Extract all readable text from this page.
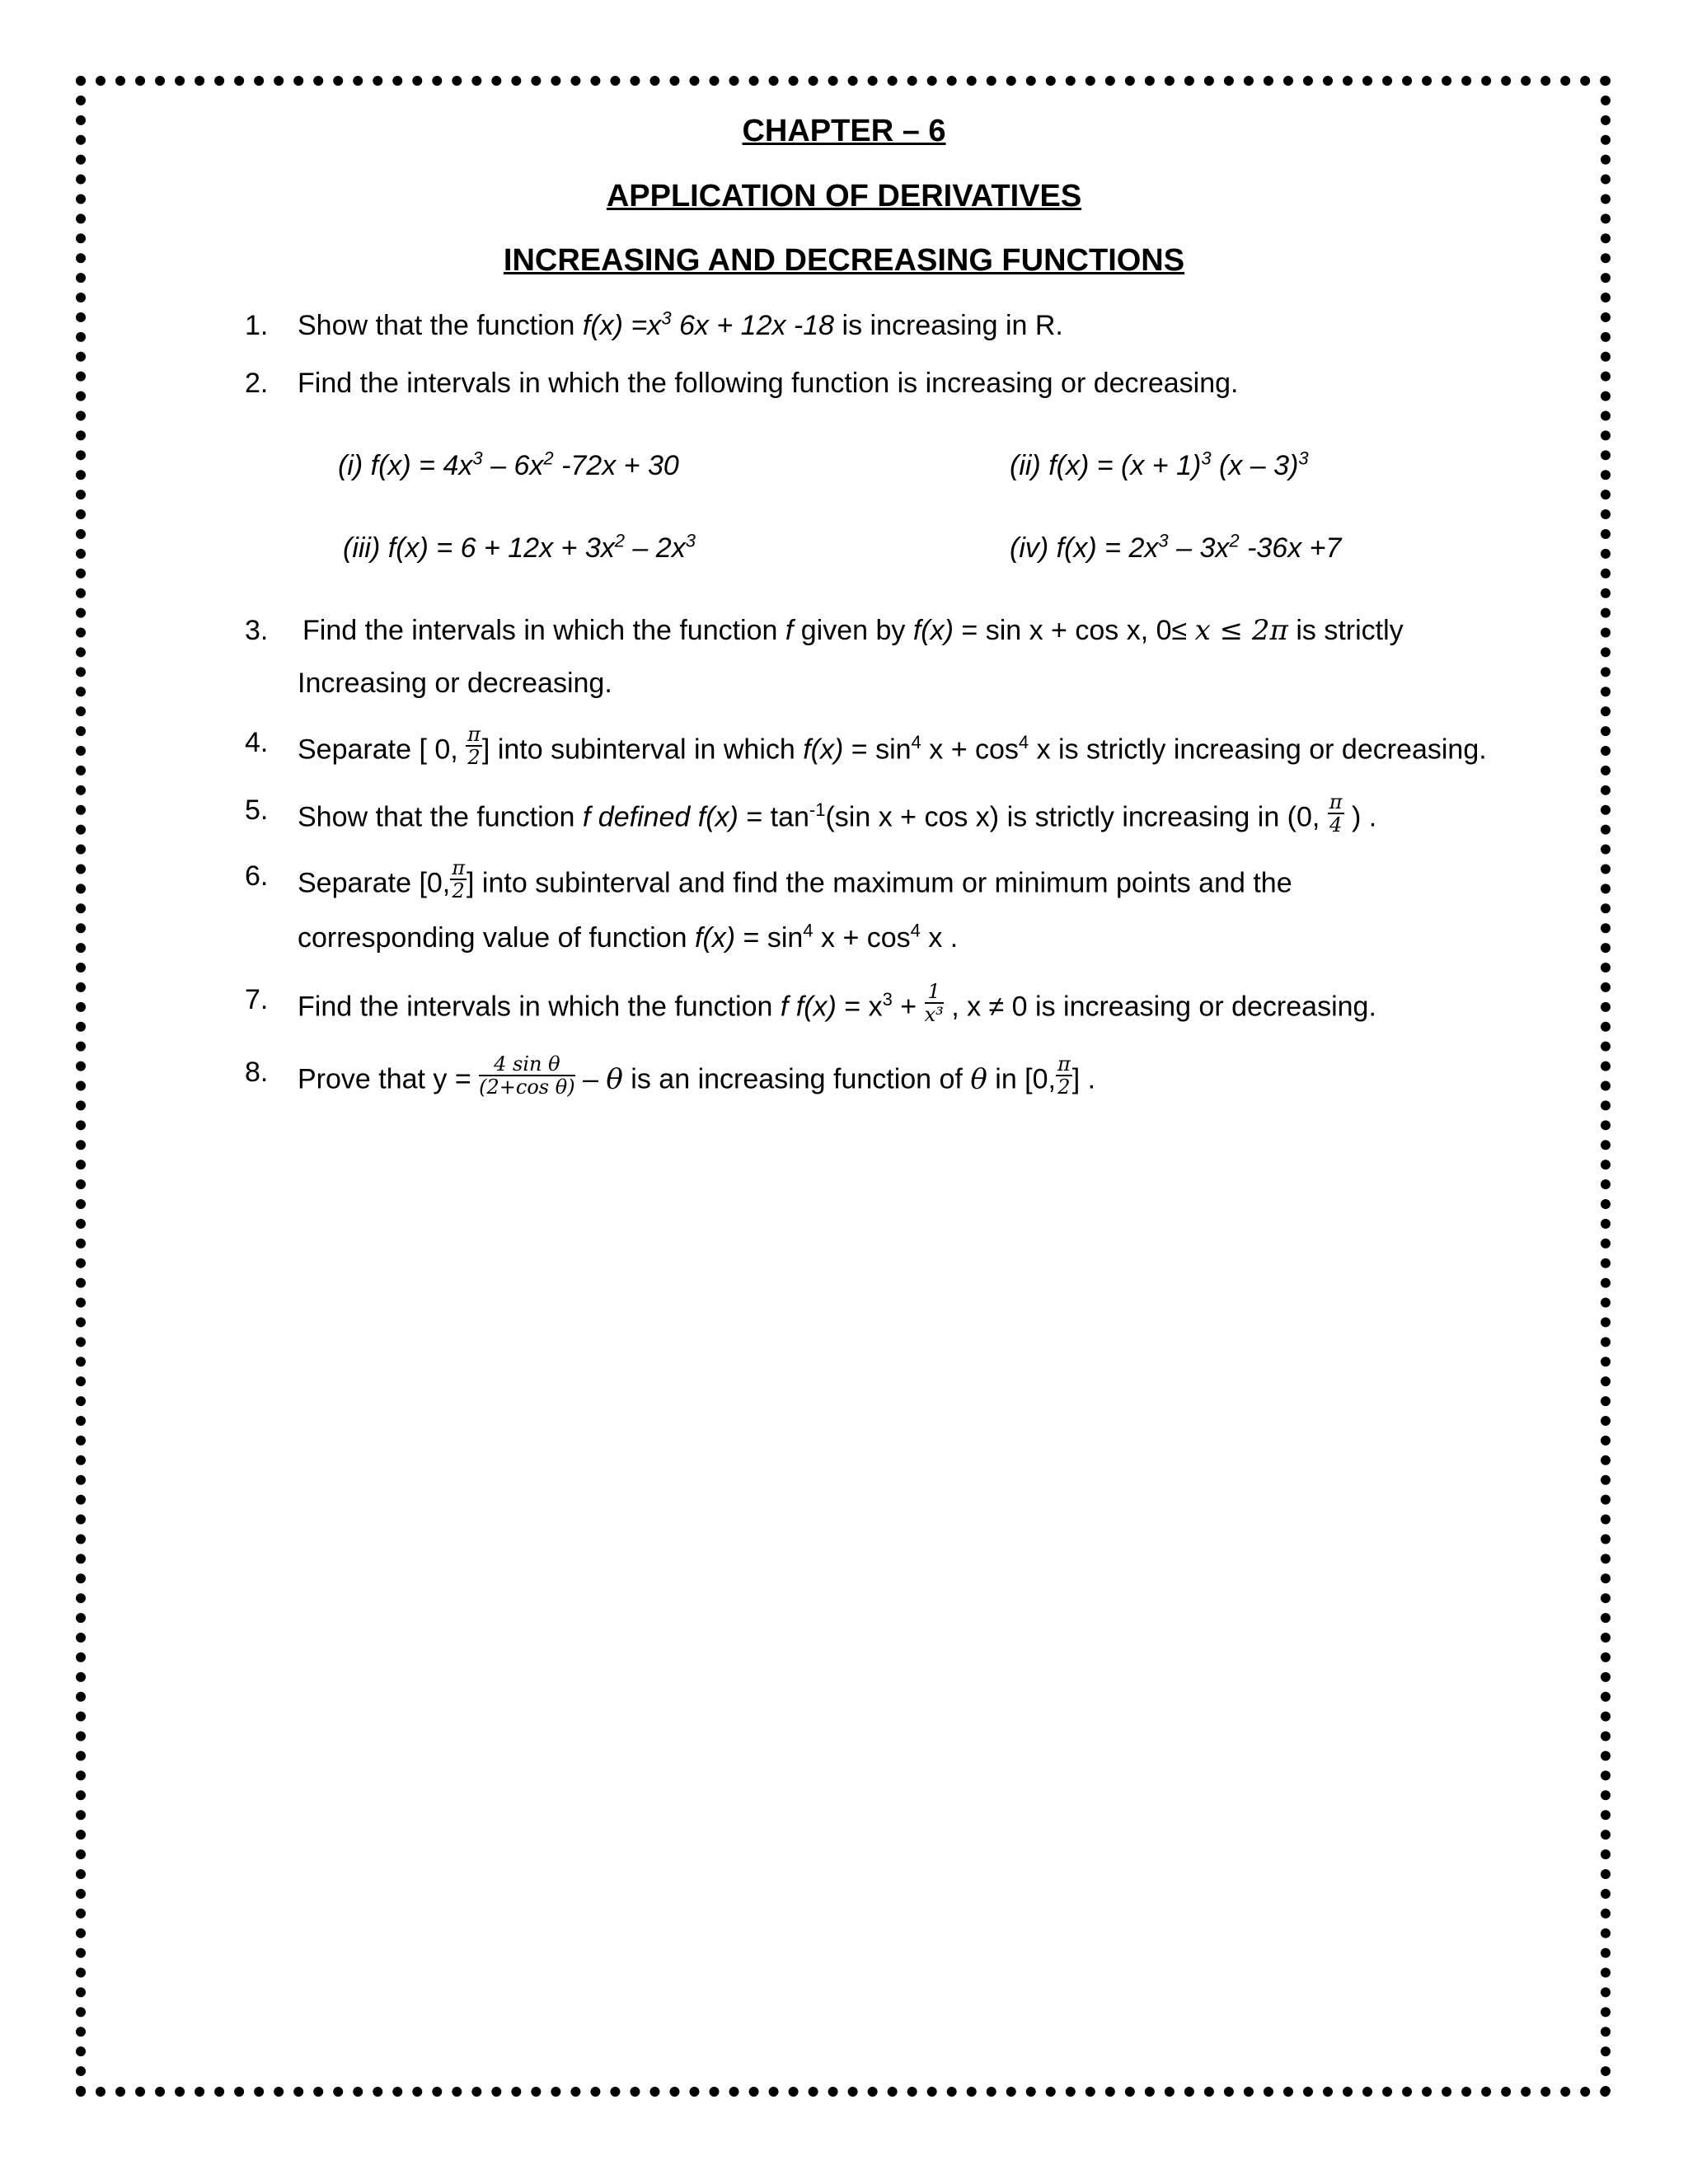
CHAPTER – 6
APPLICATION OF DERIVATIVES
INCREASING AND DECREASING FUNCTIONS
1. Show that the function $f(x) =x^3$ 6x + 12x -18 is increasing in R.
2. Find the intervals in which the following function is increasing or decreasing.
(i) $f(x) = 4x^3 - 6x^2$ -72x + 30	(ii) $f(x) = (x + 1)^3$ (x – 3)$^3$
(iii) $f(x) = 6 + 12x + 3x^2 - 2x^3$	(iv) $f(x) = 2x^3 - 3x^2$ -36x +7
3. Find the intervals in which the function f given by f(x) = sin x + cos x, 0≤ x ≤ 2π is strictly
Increasing or decreasing.
4. Separate [ 0, $\frac{\pi}{2}$ ] into subinterval in which $f(x) = \sin^4 x + \cos^4 x$ is strictly increasing or decreasing.
5. Show that the function f defined $f(x) = \tan^{-1}(\sin$ x + cos x) is strictly increasing in (0, $\frac{\pi}{4}$ ) .
6. Separate [0, $\frac{\pi}{2}$ ] into subinterval and find the maximum or minimum points and the
corresponding value of function $f(x) = \sin^4 x + \cos^4 x$ .
7. Find the intervals in which the function f $f(x) = x^3 + \frac{1}{\text{x³}}$ , x ≠ 0 is increasing or decreasing.
8. Prove that $y = \frac{\text{4 sin θ}}{\text{(2+cos θ)}} - \theta$ is an increasing function of θ in [0, $\frac{\pi}{2}$ ] .
